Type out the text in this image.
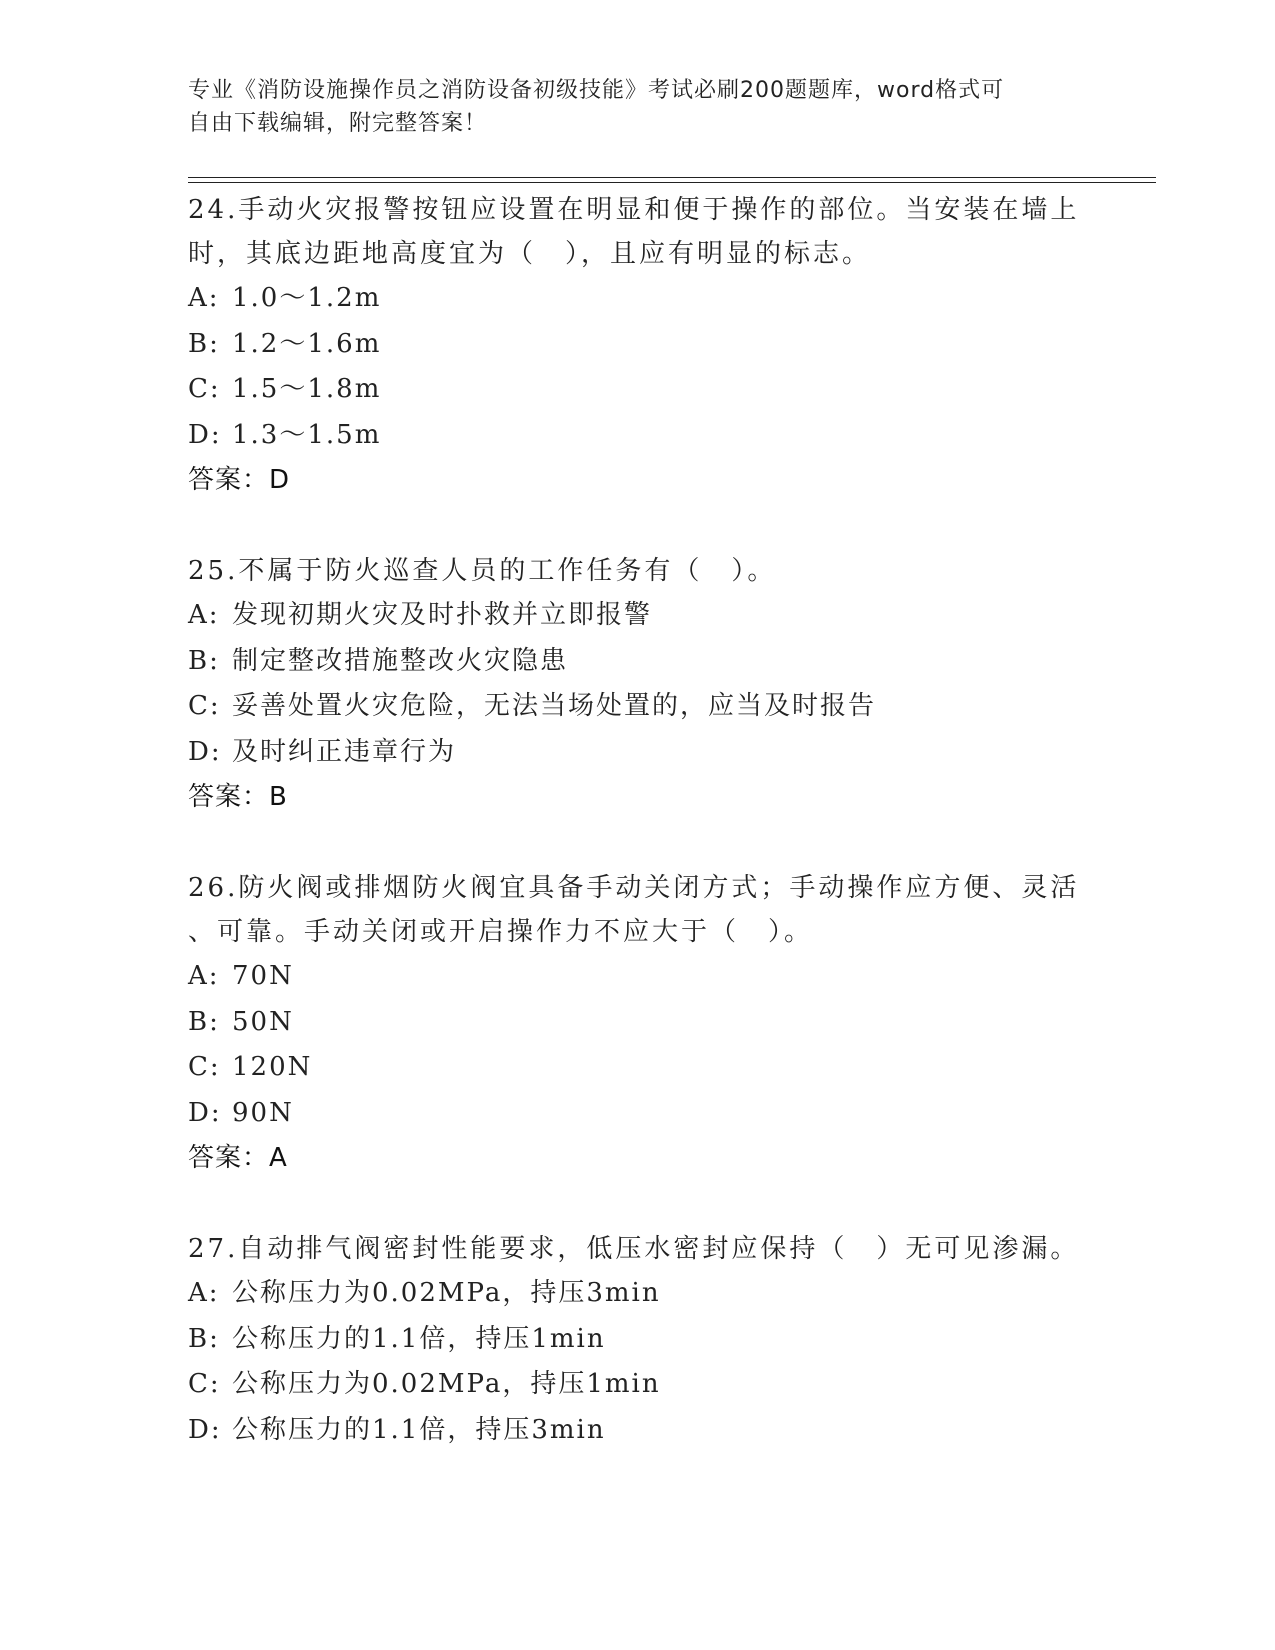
专业《消防设施操作员之消防设备初级技能》考试必刷200题题库，word格式可
自由下载编辑，附完整答案！
24.手动火灾报警按钮应设置在明显和便于操作的部位。当安装在墙上
时，其底边距地高度宜为（　），且应有明显的标志。
A: 1.0～1.2m
B: 1.2～1.6m
C: 1.5～1.8m
D: 1.3～1.5m
答案：D
25.不属于防火巡查人员的工作任务有（　）。
A: 发现初期火灾及时扑救并立即报警
B: 制定整改措施整改火灾隐患
C: 妥善处置火灾危险，无法当场处置的，应当及时报告
D: 及时纠正违章行为
答案：B
26.防火阀或排烟防火阀宜具备手动关闭方式；手动操作应方便、灵活
、可靠。手动关闭或开启操作力不应大于（　）。
A: 70N
B: 50N
C: 120N
D: 90N
答案：A
27.自动排气阀密封性能要求，低压水密封应保持（　）无可见渗漏。
A: 公称压力为0.02MPa，持压3min
B: 公称压力的1.1倍，持压1min
C: 公称压力为0.02MPa，持压1min
D: 公称压力的1.1倍，持压3min
